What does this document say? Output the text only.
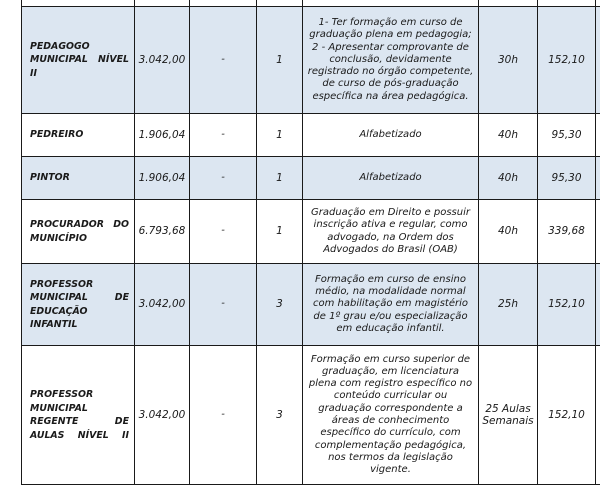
PEDAGOGO MUNICIPAL NÍVEL II	3.042,00	-	1	1- Ter formação em curso de graduação plena em pedagogia; 2 - Apresentar comprovante de conclusão, devidamente registrado no órgão competente, de curso de pós-graduação específica na área pedagógica.	30h	152,10	
PEDREIRO	1.906,04	-	1	Alfabetizado	40h	95,30	
PINTOR	1.906,04	-	1	Alfabetizado	40h	95,30	
PROCURADOR DO MUNICÍPIO	6.793,68	-	1	Graduação em Direito e possuir inscrição ativa e regular, como advogado, na Ordem dos Advogados do Brasil (OAB)	40h	339,68	
PROFESSOR MUNICIPAL DE EDUCAÇÃO INFANTIL	3.042,00	-	3	Formação em curso de ensino médio, na modalidade normal com habilitação em magistério de 1º grau e/ou especialização em educação infantil.	25h	152,10	
PROFESSOR MUNICIPAL REGENTE DE AULAS NÍVEL II	3.042,00	-	3	Formação em curso superior de graduação, em licenciatura plena com registro específico no conteúdo curricular ou graduação correspondente a áreas de conhecimento específico do currículo, com complementação pedagógica, nos termos da legislação vigente.	25 Aulas Semanais	152,10	
